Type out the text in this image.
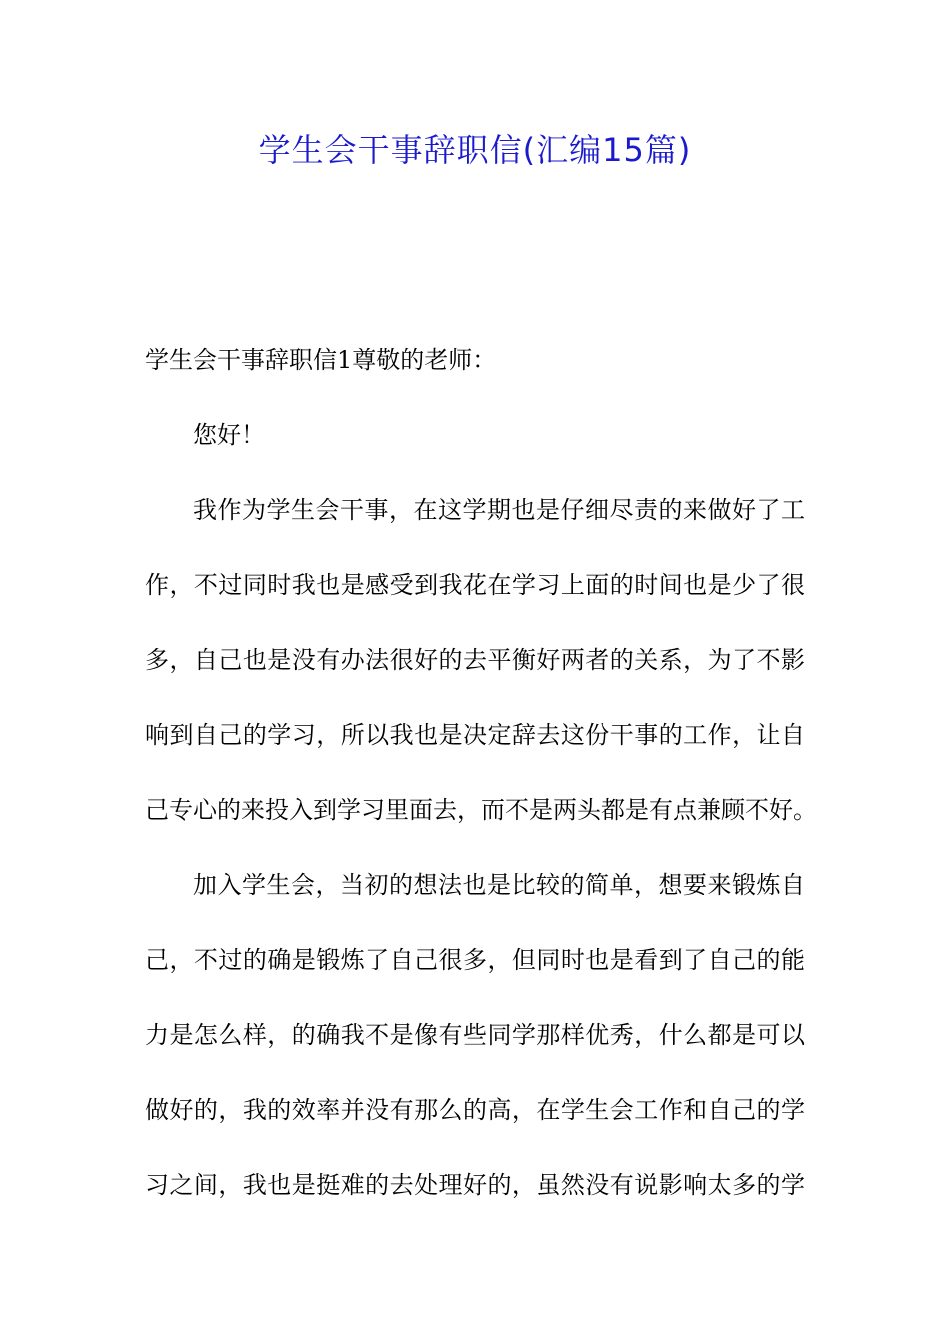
学生会干事辞职信(汇编15篇)

学生会干事辞职信1尊敬的老师：

您好！

我作为学生会干事，在这学期也是仔细尽责的来做好了工
作，不过同时我也是感受到我花在学习上面的时间也是少了很
多，自己也是没有办法很好的去平衡好两者的关系，为了不影
响到自己的学习，所以我也是决定辞去这份干事的工作，让自
己专心的来投入到学习里面去，而不是两头都是有点兼顾不好。
加入学生会，当初的想法也是比较的简单，想要来锻炼自
己，不过的确是锻炼了自己很多，但同时也是看到了自己的能
力是怎么样，的确我不是像有些同学那样优秀，什么都是可以
做好的，我的效率并没有那么的高，在学生会工作和自己的学
习之间，我也是挺难的去处理好的，虽然没有说影响太多的学
